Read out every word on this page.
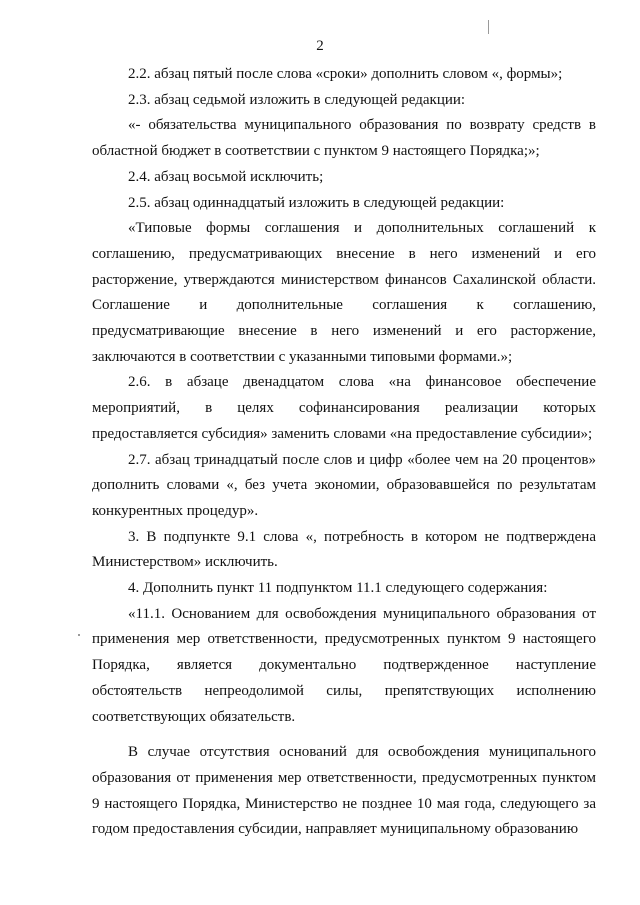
2

2.2. абзац пятый после слова «сроки» дополнить словом «, формы»;

2.3. абзац седьмой изложить в следующей редакции:

«- обязательства муниципального образования по возврату средств в областной бюджет в соответствии с пунктом 9 настоящего Порядка;»;

2.4. абзац восьмой исключить;

2.5. абзац одиннадцатый изложить в следующей редакции:

«Типовые формы соглашения и дополнительных соглашений к соглашению, предусматривающих внесение в него изменений и его расторжение, утверждаются министерством финансов Сахалинской области. Соглашение и дополнительные соглашения к соглашению, предусматривающие внесение в него изменений и его расторжение, заключаются в соответствии с указанными типовыми формами.»;

2.6. в абзаце двенадцатом слова «на финансовое обеспечение мероприятий, в целях софинансирования реализации которых предоставляется субсидия» заменить словами «на предоставление субсидии»;

2.7. абзац тринадцатый после слов и цифр «более чем на 20 процентов» дополнить словами «, без учета экономии, образовавшейся по результатам конкурентных процедур».

3. В подпункте 9.1 слова «, потребность в котором не подтверждена Министерством» исключить.

4. Дополнить пункт 11 подпунктом 11.1 следующего содержания:

«11.1. Основанием для освобождения муниципального образования от применения мер ответственности, предусмотренных пунктом 9 настоящего Порядка, является документально подтвержденное наступление обстоятельств непреодолимой силы, препятствующих исполнению соответствующих обязательств.

В случае отсутствия оснований для освобождения муниципального образования от применения мер ответственности, предусмотренных пунктом 9 настоящего Порядка, Министерство не позднее 10 мая года, следующего за годом предоставления субсидии, направляет муниципальному образованию
